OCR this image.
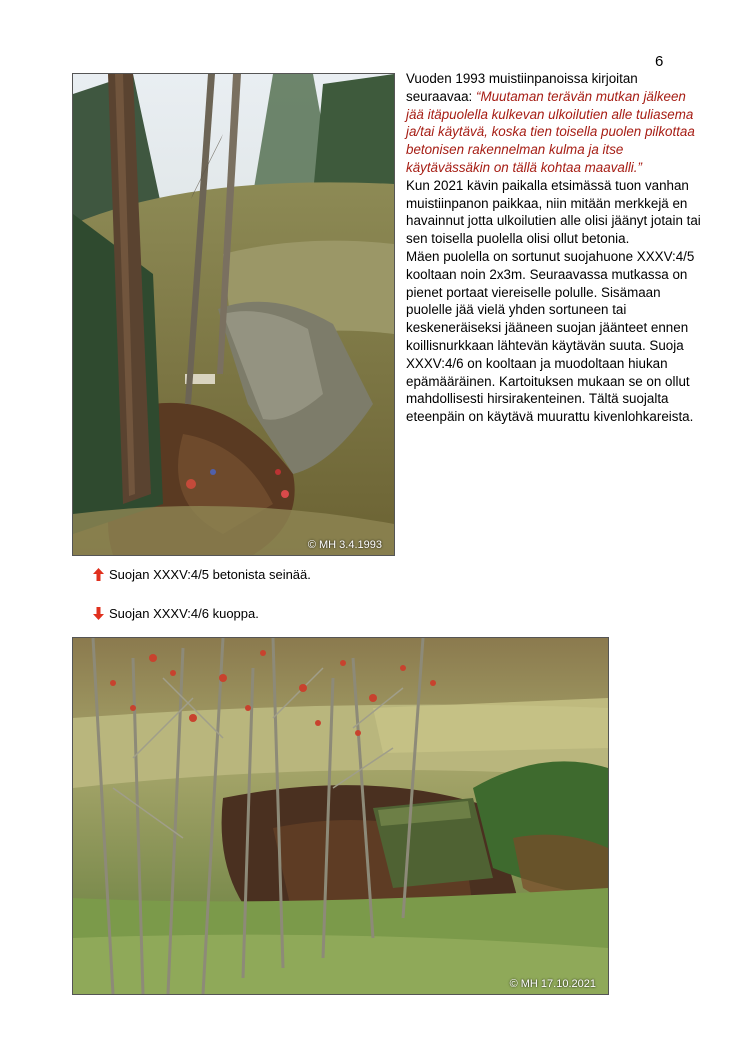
6
© MH 3.4.1993

Vuoden 1993 muistiinpanoissa kirjoitan seuraavaa: “Muutaman terävän mutkan jälkeen jää itäpuolella kulkevan ulkoilutien alle tuliasema ja/tai käytävä, koska tien toisella puolen pilkottaa betonisen rakennelman kulma ja itse käytävässäkin on tällä kohtaa maavalli.”

Kun 2021 kävin paikalla etsimässä tuon vanhan muistiinpanon paikkaa, niin mitään merkkejä en havainnut jotta ulkoilutien alle olisi jäänyt jotain tai sen toisella puolella olisi ollut betonia.

Mäen puolella on sortunut suojahuone XXXV:4/5 kooltaan noin 2x3m. Seuraavassa mutkassa on pienet portaat viereiselle polulle. Sisämaan puolelle jää vielä yhden sortuneen tai keskeneräiseksi jääneen suojan jäänteet ennen koillisnurkkaan lähtevän käytävän suuta. Suoja XXXV:4/6 on kooltaan ja muodoltaan hiukan epämääräinen. Kartoituksen mukaan se on ollut mahdollisesti hirsirakenteinen. Tältä suojalta eteenpäin on käytävä muurattu kivenlohkareista.

Suojan XXXV:4/5 betonista seinää.
Suojan XXXV:4/6 kuoppa.
© MH 17.10.2021
